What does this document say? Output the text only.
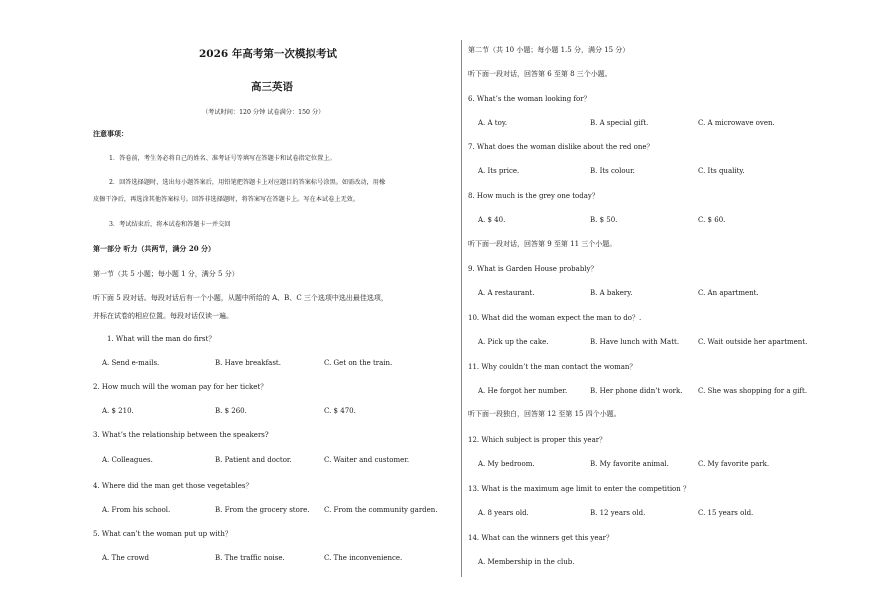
2026 年高考第一次模拟考试
高三英语
（考试时间：120 分钟 试卷满分：150 分）
注意事项：
1．答卷前，考生务必将自己的姓名、准考证号等填写在答题卡和试卷指定位置上。
2．回答选择题时，选出每小题答案后，用铅笔把答题卡上对应题目的答案标号涂黑。如需改动，用橡
皮擦干净后，再选涂其他答案标号。回答非选择题时，将答案写在答题卡上。写在本试卷上无效。
3．考试结束后，将本试卷和答题卡一并交回
第一部分 听力（共两节，满分 20 分）
第一节（共 5 小题；每小题 1 分，满分 5 分）
听下面 5 段对话。每段对话后有一个小题，从题中所给的 A、B、C 三个选项中选出最佳选项，
并标在试卷的相应位置。每段对话仅读一遍。
1. What will the man do first？
A. Send e-mails.	B. Have breakfast.	C. Get on the train.
2. How much will the woman pay for her ticket？
A. $ 210.	B. $ 260.	C. $ 470.
3. What’s the relationship between the speakers?
A. Colleagues.	B. Patient and doctor.	C. Waiter and customer.
4. Where did the man get those vegetables？
A. From his school.	B. From the grocery store. C. From the community garden.
5. What can’t the woman put up with？
A. The crowd	B. The traffic noise.	C. The inconvenience.
第二节（共 10 小题；每小题 1.5 分，满分 15 分）
听下面一段对话，回答第 6 至第 8 三个小题。
6. What’s the woman looking for？
A. A toy.	B. A special gift.	C. A microwave oven.
7. What does the woman dislike about the red one？
A. Its price.	B. Its colour.	C. Its quality.
8. How much is the grey one today？
A. $ 40.	B. $ 50.	C. $ 60.
听下面一段对话，回答第 9 至第 11 三个小题。
9. What is Garden House probably？
A. A restaurant.	B. A bakery.	C. An apartment.
10. What did the woman expect the man to do？.
A. Pick up the cake.	B. Have lunch with Matt.	C. Wait outside her apartment.
11. Why couldn’t the man contact the woman？
A. He forgot her number.	B. Her phone didn’t work. C. She was shopping for a gift.
听下面一段独白，回答第 12 至第 15 四个小题。
12. Which subject is proper this year？
A. My bedroom.	B. My favorite animal.	C. My favorite park.
13. What is the maximum age limit to enter the competition ？
A. 8 years old.	B. 12 years old.	C. 15 years old.
14. What can the winners get this year？
A. Membership in the club.
